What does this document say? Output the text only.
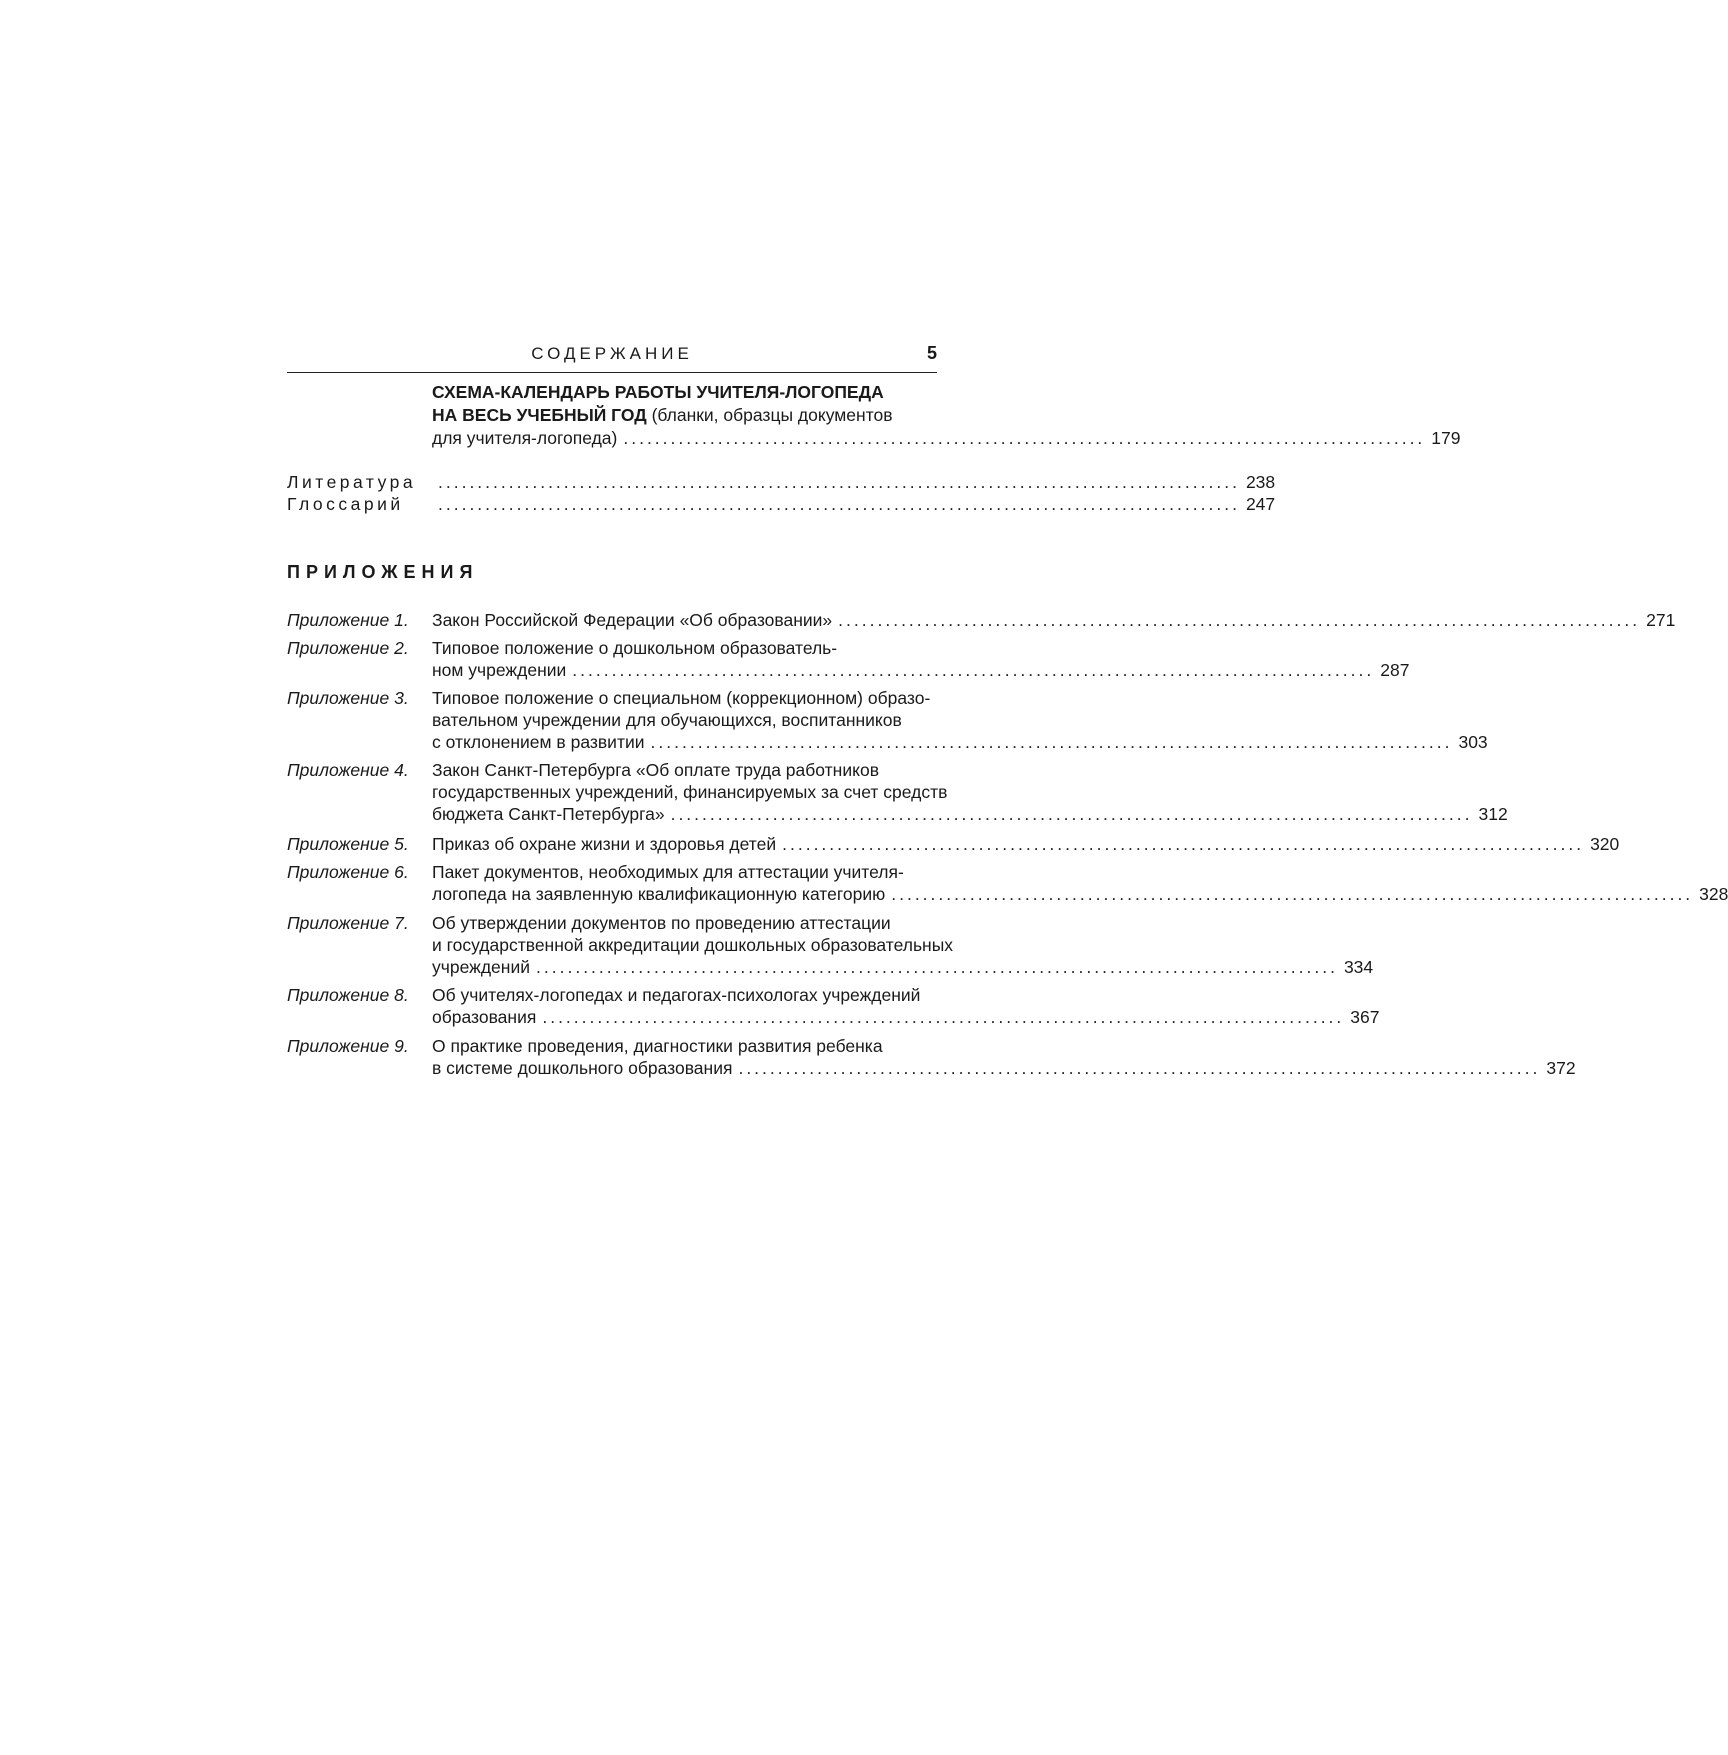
СОДЕРЖАНИЕ	5
СХЕМА-КАЛЕНДАРЬ РАБОТЫ УЧИТЕЛЯ-ЛОГОПЕДА
НА ВЕСЬ УЧЕБНЫЙ ГОД (бланки, образцы документов
для учителя-логопеда) ...................................................................................................... 179
Литература	...................................................................................................... 238
Глоссарий	...................................................................................................... 247
ПРИЛОЖЕНИЯ
Приложение 1. Закон Российской Федерации «Об образовании» ...................................................................................................... 271
Приложение 2. Типовое положение о дошкольном образователь-
ном учреждении ...................................................................................................... 287
Приложение 3. Типовое положение о специальном (коррекционном) образо-
вательном учреждении для обучающихся, воспитанников
с отклонением в развитии ...................................................................................................... 303
Приложение 4. Закон Санкт-Петербурга «Об оплате труда работников
государственных учреждений, финансируемых за счет средств
бюджета Санкт-Петербурга» ...................................................................................................... 312
Приложение 5. Приказ об охране жизни и здоровья детей ...................................................................................................... 320
Приложение 6. Пакет документов, необходимых для аттестации учителя-
логопеда на заявленную квалификационную категорию ...................................................................................................... 328
Приложение 7. Об утверждении документов по проведению аттестации
и государственной аккредитации дошкольных образовательных
учреждений ...................................................................................................... 334
Приложение 8. Об учителях-логопедах и педагогах-психологах учреждений
образования ...................................................................................................... 367
Приложение 9. О практике проведения, диагностики развития ребенка
в системе дошкольного образования ...................................................................................................... 372
